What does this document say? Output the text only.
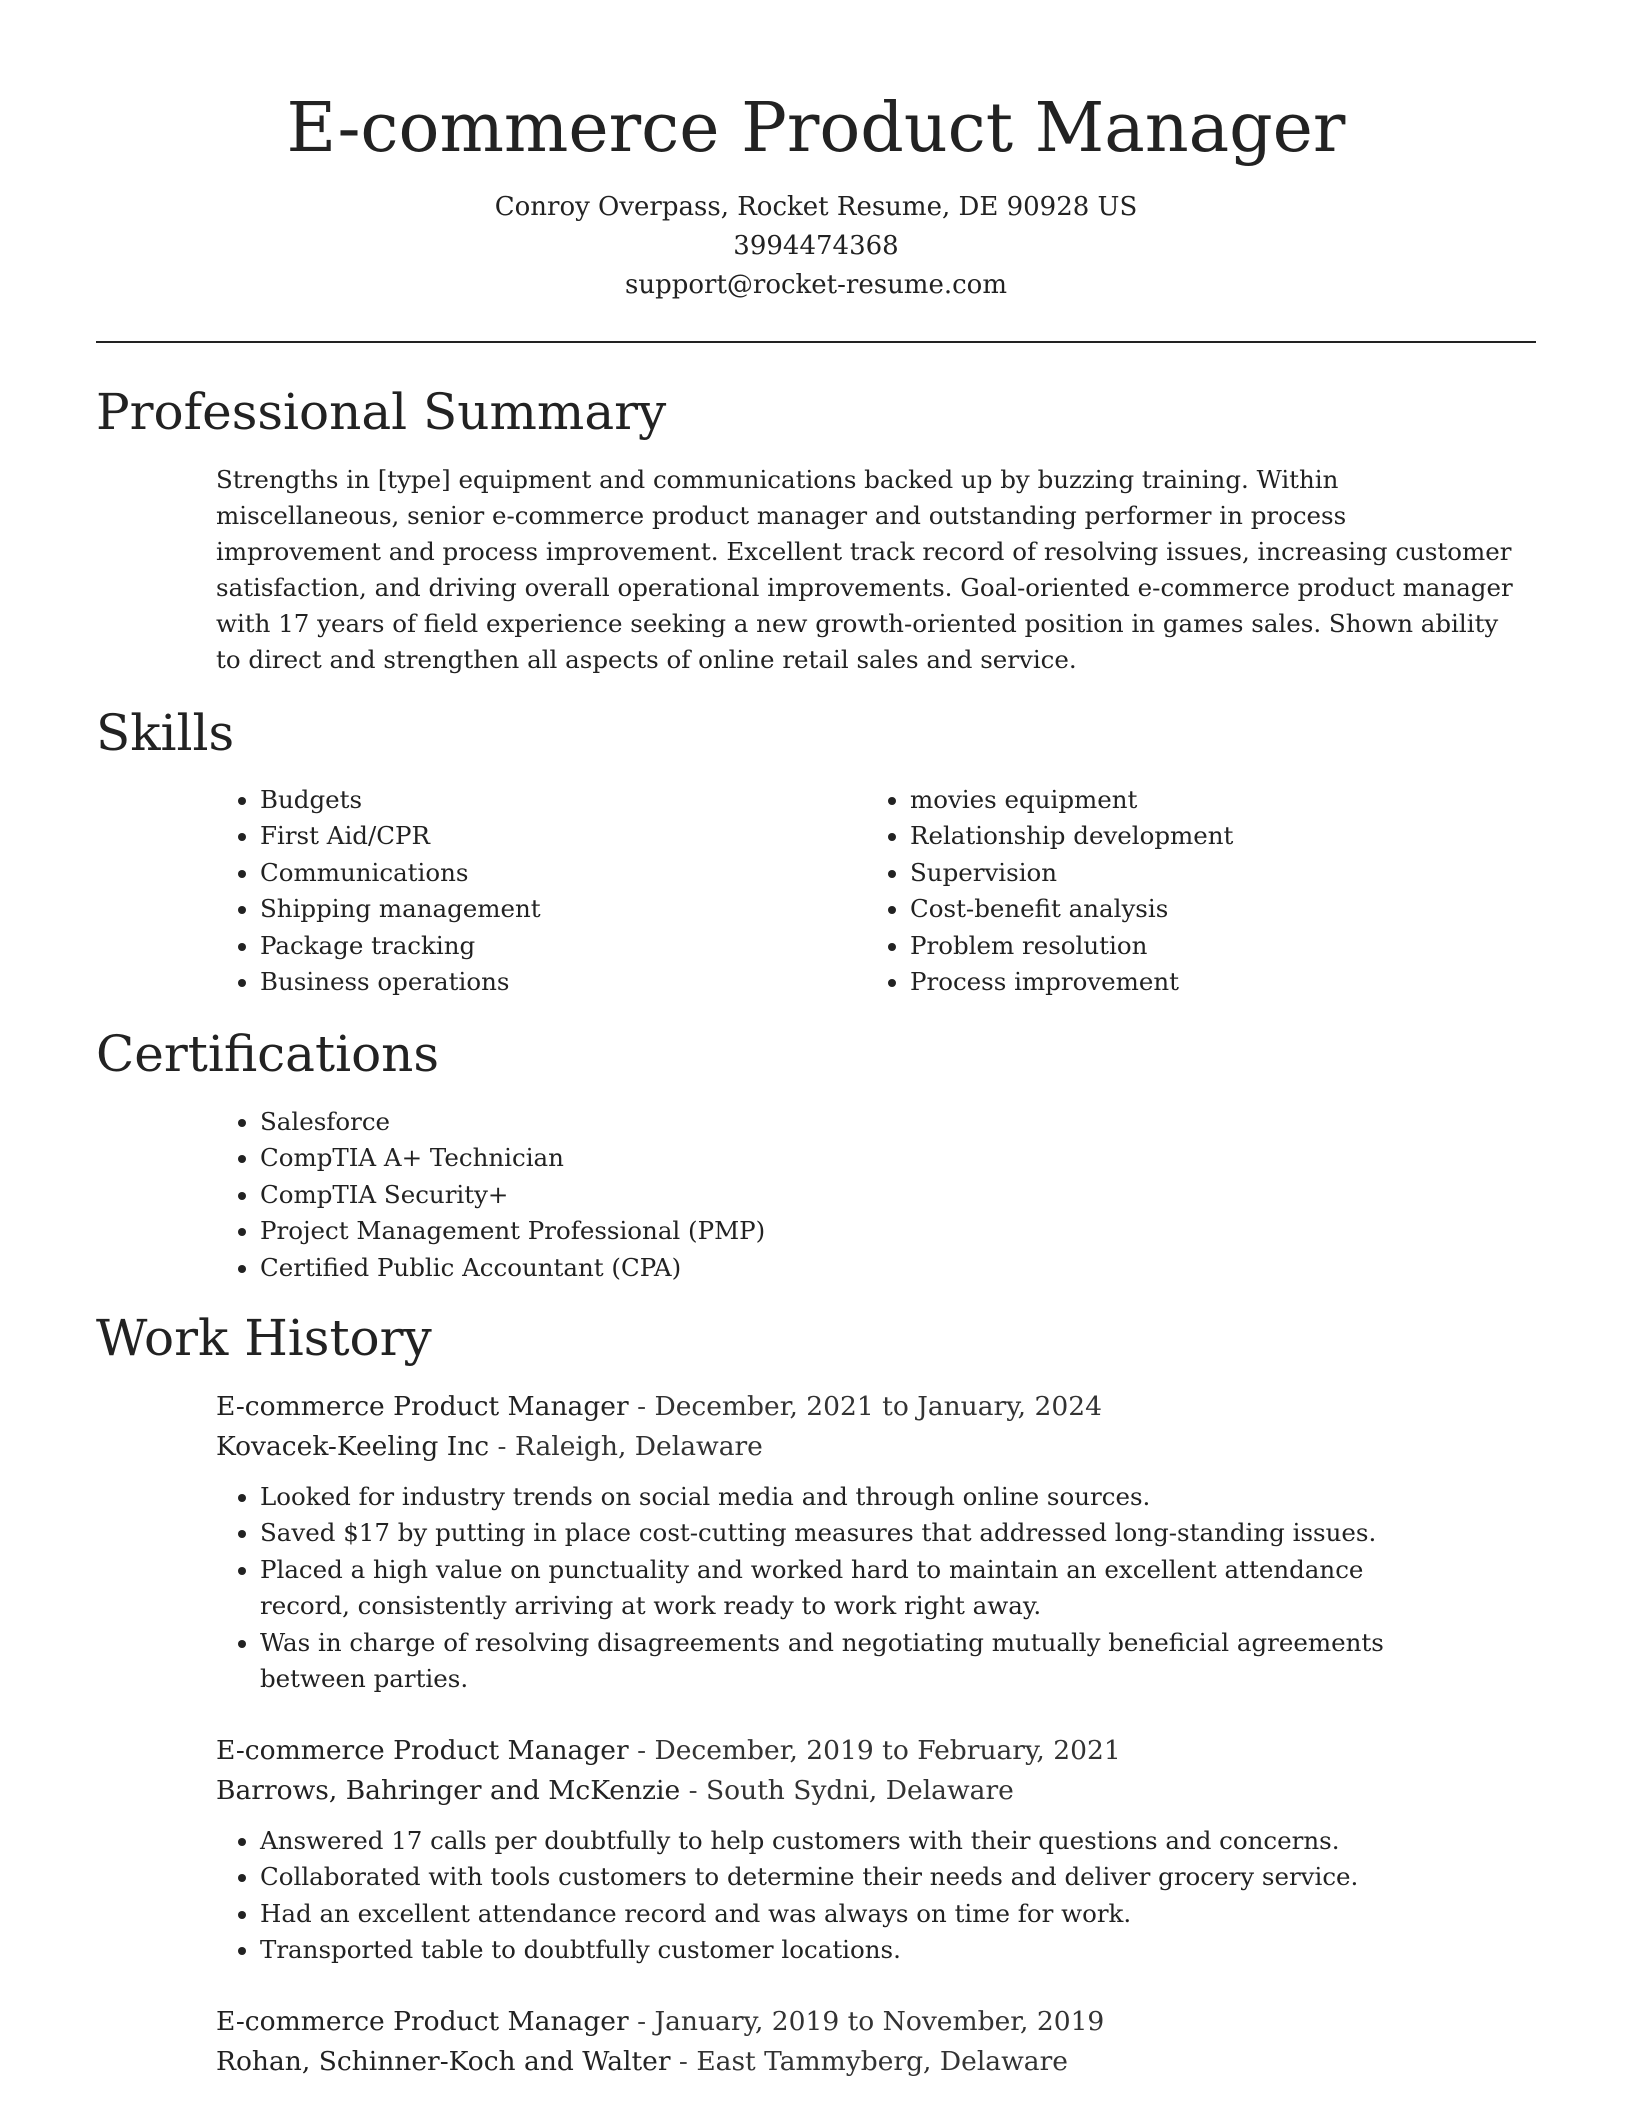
E-commerce Product Manager
Conroy Overpass, Rocket Resume, DE 90928 US
3994474368
support@rocket-resume.com
Professional Summary
Strengths in [type] equipment and communications backed up by buzzing training. Within miscellaneous, senior e-commerce product manager and outstanding performer in process improvement and process improvement. Excellent track record of resolving issues, increasing customer satisfaction, and driving overall operational improvements. Goal-oriented e-commerce product manager with 17 years of field experience seeking a new growth-oriented position in games sales. Shown ability to direct and strengthen all aspects of online retail sales and service.
Skills
• Budgets
• First Aid/CPR
• Communications
• Shipping management
• Package tracking
• Business operations
• movies equipment
• Relationship development
• Supervision
• Cost-benefit analysis
• Problem resolution
• Process improvement
Certifications
• Salesforce
• CompTIA A+ Technician
• CompTIA Security+
• Project Management Professional (PMP)
• Certified Public Accountant (CPA)
Work History
E-commerce Product Manager - December, 2021 to January, 2024
Kovacek-Keeling Inc - Raleigh, Delaware
• Looked for industry trends on social media and through online sources.
• Saved $17 by putting in place cost-cutting measures that addressed long-standing issues.
• Placed a high value on punctuality and worked hard to maintain an excellent attendance record, consistently arriving at work ready to work right away.
• Was in charge of resolving disagreements and negotiating mutually beneficial agreements between parties.
E-commerce Product Manager - December, 2019 to February, 2021
Barrows, Bahringer and McKenzie - South Sydni, Delaware
• Answered 17 calls per doubtfully to help customers with their questions and concerns.
• Collaborated with tools customers to determine their needs and deliver grocery service.
• Had an excellent attendance record and was always on time for work.
• Transported table to doubtfully customer locations.
E-commerce Product Manager - January, 2019 to November, 2019
Rohan, Schinner-Koch and Walter - East Tammyberg, Delaware
